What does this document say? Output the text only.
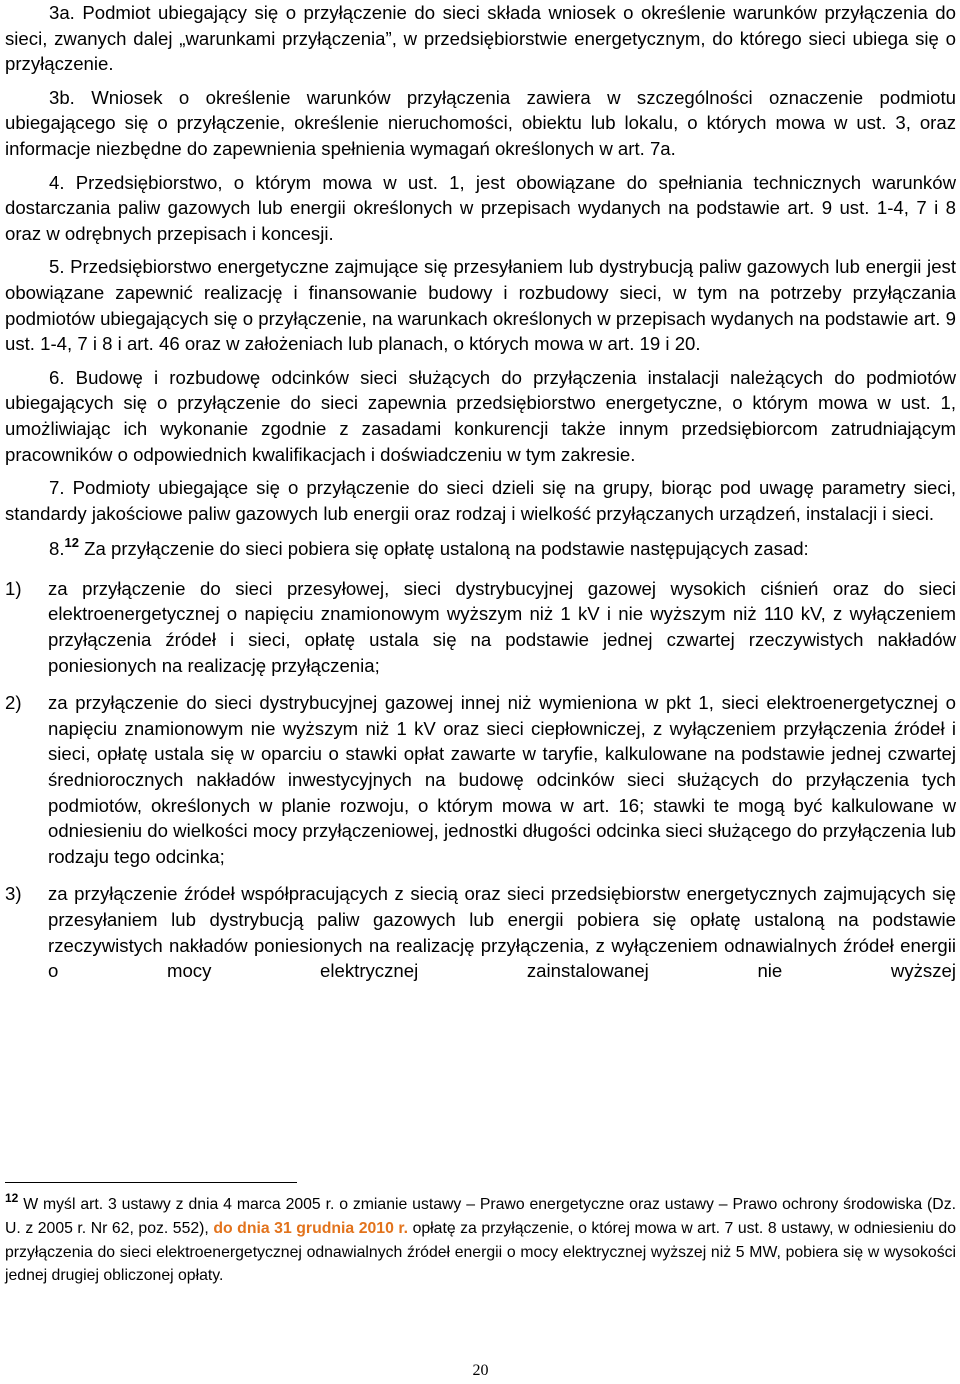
3a. Podmiot ubiegający się o przyłączenie do sieci składa wniosek o określenie warunków przyłączenia do sieci, zwanych dalej „warunkami przyłączenia”, w przedsiębiorstwie energetycznym, do którego sieci ubiega się o przyłączenie.

3b. Wniosek o określenie warunków przyłączenia zawiera w szczególności oznaczenie podmiotu ubiegającego się o przyłączenie, określenie nieruchomości, obiektu lub lokalu, o których mowa w ust. 3, oraz informacje niezbędne do zapewnienia spełnienia wymagań określonych w art. 7a.

4. Przedsiębiorstwo, o którym mowa w ust. 1, jest obowiązane do spełniania technicznych warunków dostarczania paliw gazowych lub energii określonych w przepisach wydanych na podstawie art. 9 ust. 1-4, 7 i 8 oraz w odrębnych przepisach i koncesji.

5. Przedsiębiorstwo energetyczne zajmujące się przesyłaniem lub dystrybucją paliw gazowych lub energii jest obowiązane zapewnić realizację i finansowanie budowy i rozbudowy sieci, w tym na potrzeby przyłączania podmiotów ubiegających się o przyłączenie, na warunkach określonych w przepisach wydanych na podstawie art. 9 ust. 1-4, 7 i 8 i art. 46 oraz w założeniach lub planach, o których mowa w art. 19 i 20.

6. Budowę i rozbudowę odcinków sieci służących do przyłączenia instalacji należących do podmiotów ubiegających się o przyłączenie do sieci zapewnia przedsiębiorstwo energetyczne, o którym mowa w ust. 1, umożliwiając ich wykonanie zgodnie z zasadami konkurencji także innym przedsiębiorcom zatrudniającym pracowników o odpowiednich kwalifikacjach i doświadczeniu w tym zakresie.

7. Podmioty ubiegające się o przyłączenie do sieci dzieli się na grupy, biorąc pod uwagę parametry sieci, standardy jakościowe paliw gazowych lub energii oraz rodzaj i wielkość przyłączanych urządzeń, instalacji i sieci.

8.12 Za przyłączenie do sieci pobiera się opłatę ustaloną na podstawie następujących zasad:

1) za przyłączenie do sieci przesyłowej, sieci dystrybucyjnej gazowej wysokich ciśnień oraz do sieci elektroenergetycznej o napięciu znamionowym wyższym niż 1 kV i nie wyższym niż 110 kV, z wyłączeniem przyłączenia źródeł i sieci, opłatę ustala się na podstawie jednej czwartej rzeczywistych nakładów poniesionych na realizację przyłączenia;
2) za przyłączenie do sieci dystrybucyjnej gazowej innej niż wymieniona w pkt 1, sieci elektroenergetycznej o napięciu znamionowym nie wyższym niż 1 kV oraz sieci ciepłowniczej, z wyłączeniem przyłączenia źródeł i sieci, opłatę ustala się w oparciu o stawki opłat zawarte w taryfie, kalkulowane na podstawie jednej czwartej średniorocznych nakładów inwestycyjnych na budowę odcinków sieci służących do przyłączenia tych podmiotów, określonych w planie rozwoju, o którym mowa w art. 16; stawki te mogą być kalkulowane w odniesieniu do wielkości mocy przyłączeniowej, jednostki długości odcinka sieci służącego do przyłączenia lub rodzaju tego odcinka;
3) za przyłączenie źródeł współpracujących z siecią oraz sieci przedsiębiorstw energetycznych zajmujących się przesyłaniem lub dystrybucją paliw gazowych lub energii pobiera się opłatę ustaloną na podstawie rzeczywistych nakładów poniesionych na realizację przyłączenia, z wyłączeniem odnawialnych źródeł energii o mocy elektrycznej zainstalowanej nie wyższej
$^{12}$ W myśl art. 3 ustawy z dnia 4 marca 2005 r. o zmianie ustawy – Prawo energetyczne oraz ustawy – Prawo ochrony środowiska (Dz. U. z 2005 r. Nr 62, poz. 552), do dnia 31 grudnia 2010 r. opłatę za przyłączenie, o której mowa w art. 7 ust. 8 ustawy, w odniesieniu do przyłączenia do sieci elektroenergetycznej odnawialnych źródeł energii o mocy elektrycznej wyższej niż 5 MW, pobiera się w wysokości jednej drugiej obliczonej opłaty.
20
